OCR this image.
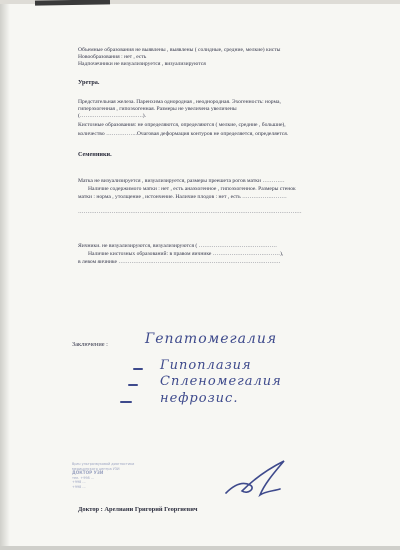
Объемные образования не выявлены , выявлены ( солидные, средние, мелкие) кисты
Новообразования : нет , есть
Надпочечники не визуализируется , визуализируются
Уретра.
Предстательная железа. Паренхима однородная , неоднородная. Эхогенность: норма,
гиперэхогенная , гипоэхогенная. Размеры не увеличена увеличены
(…………………………….).
Кистозные образования: не определяются, определяются ( мелкие, средние , большие),
количество ……………..Очаговая деформация контуров не определяется, определяется.
Семенники.
Матка не визуализируется , визуализируется, размеры преешета рогов матки …………
Наличие содержимого матки : нет , есть анаэхогенное , гипоэхогенное. Размеры стенок
матки : норма , утолщение , истончение. Наличие плодов : нет , есть ……………………
…………………………………………………………………………………………………………
Яичники. не визуализируются, визуализируются ( ……………………………………
Наличие кистозных образований: в правом яичнике ………………………………),
в левом яичнике ……………………………………………………………………………
Заключение :	Гепатомегалия
Гипоплазия
Спленомегалия
нефрозис.
Врач ультразвуковой диагностики
медицинского центра УЗИ
ДОКТОР УЗИ
тел. +998 ...
+998 ...
+998 ...
Доктор : Арелиани Григорий Георгиевич
